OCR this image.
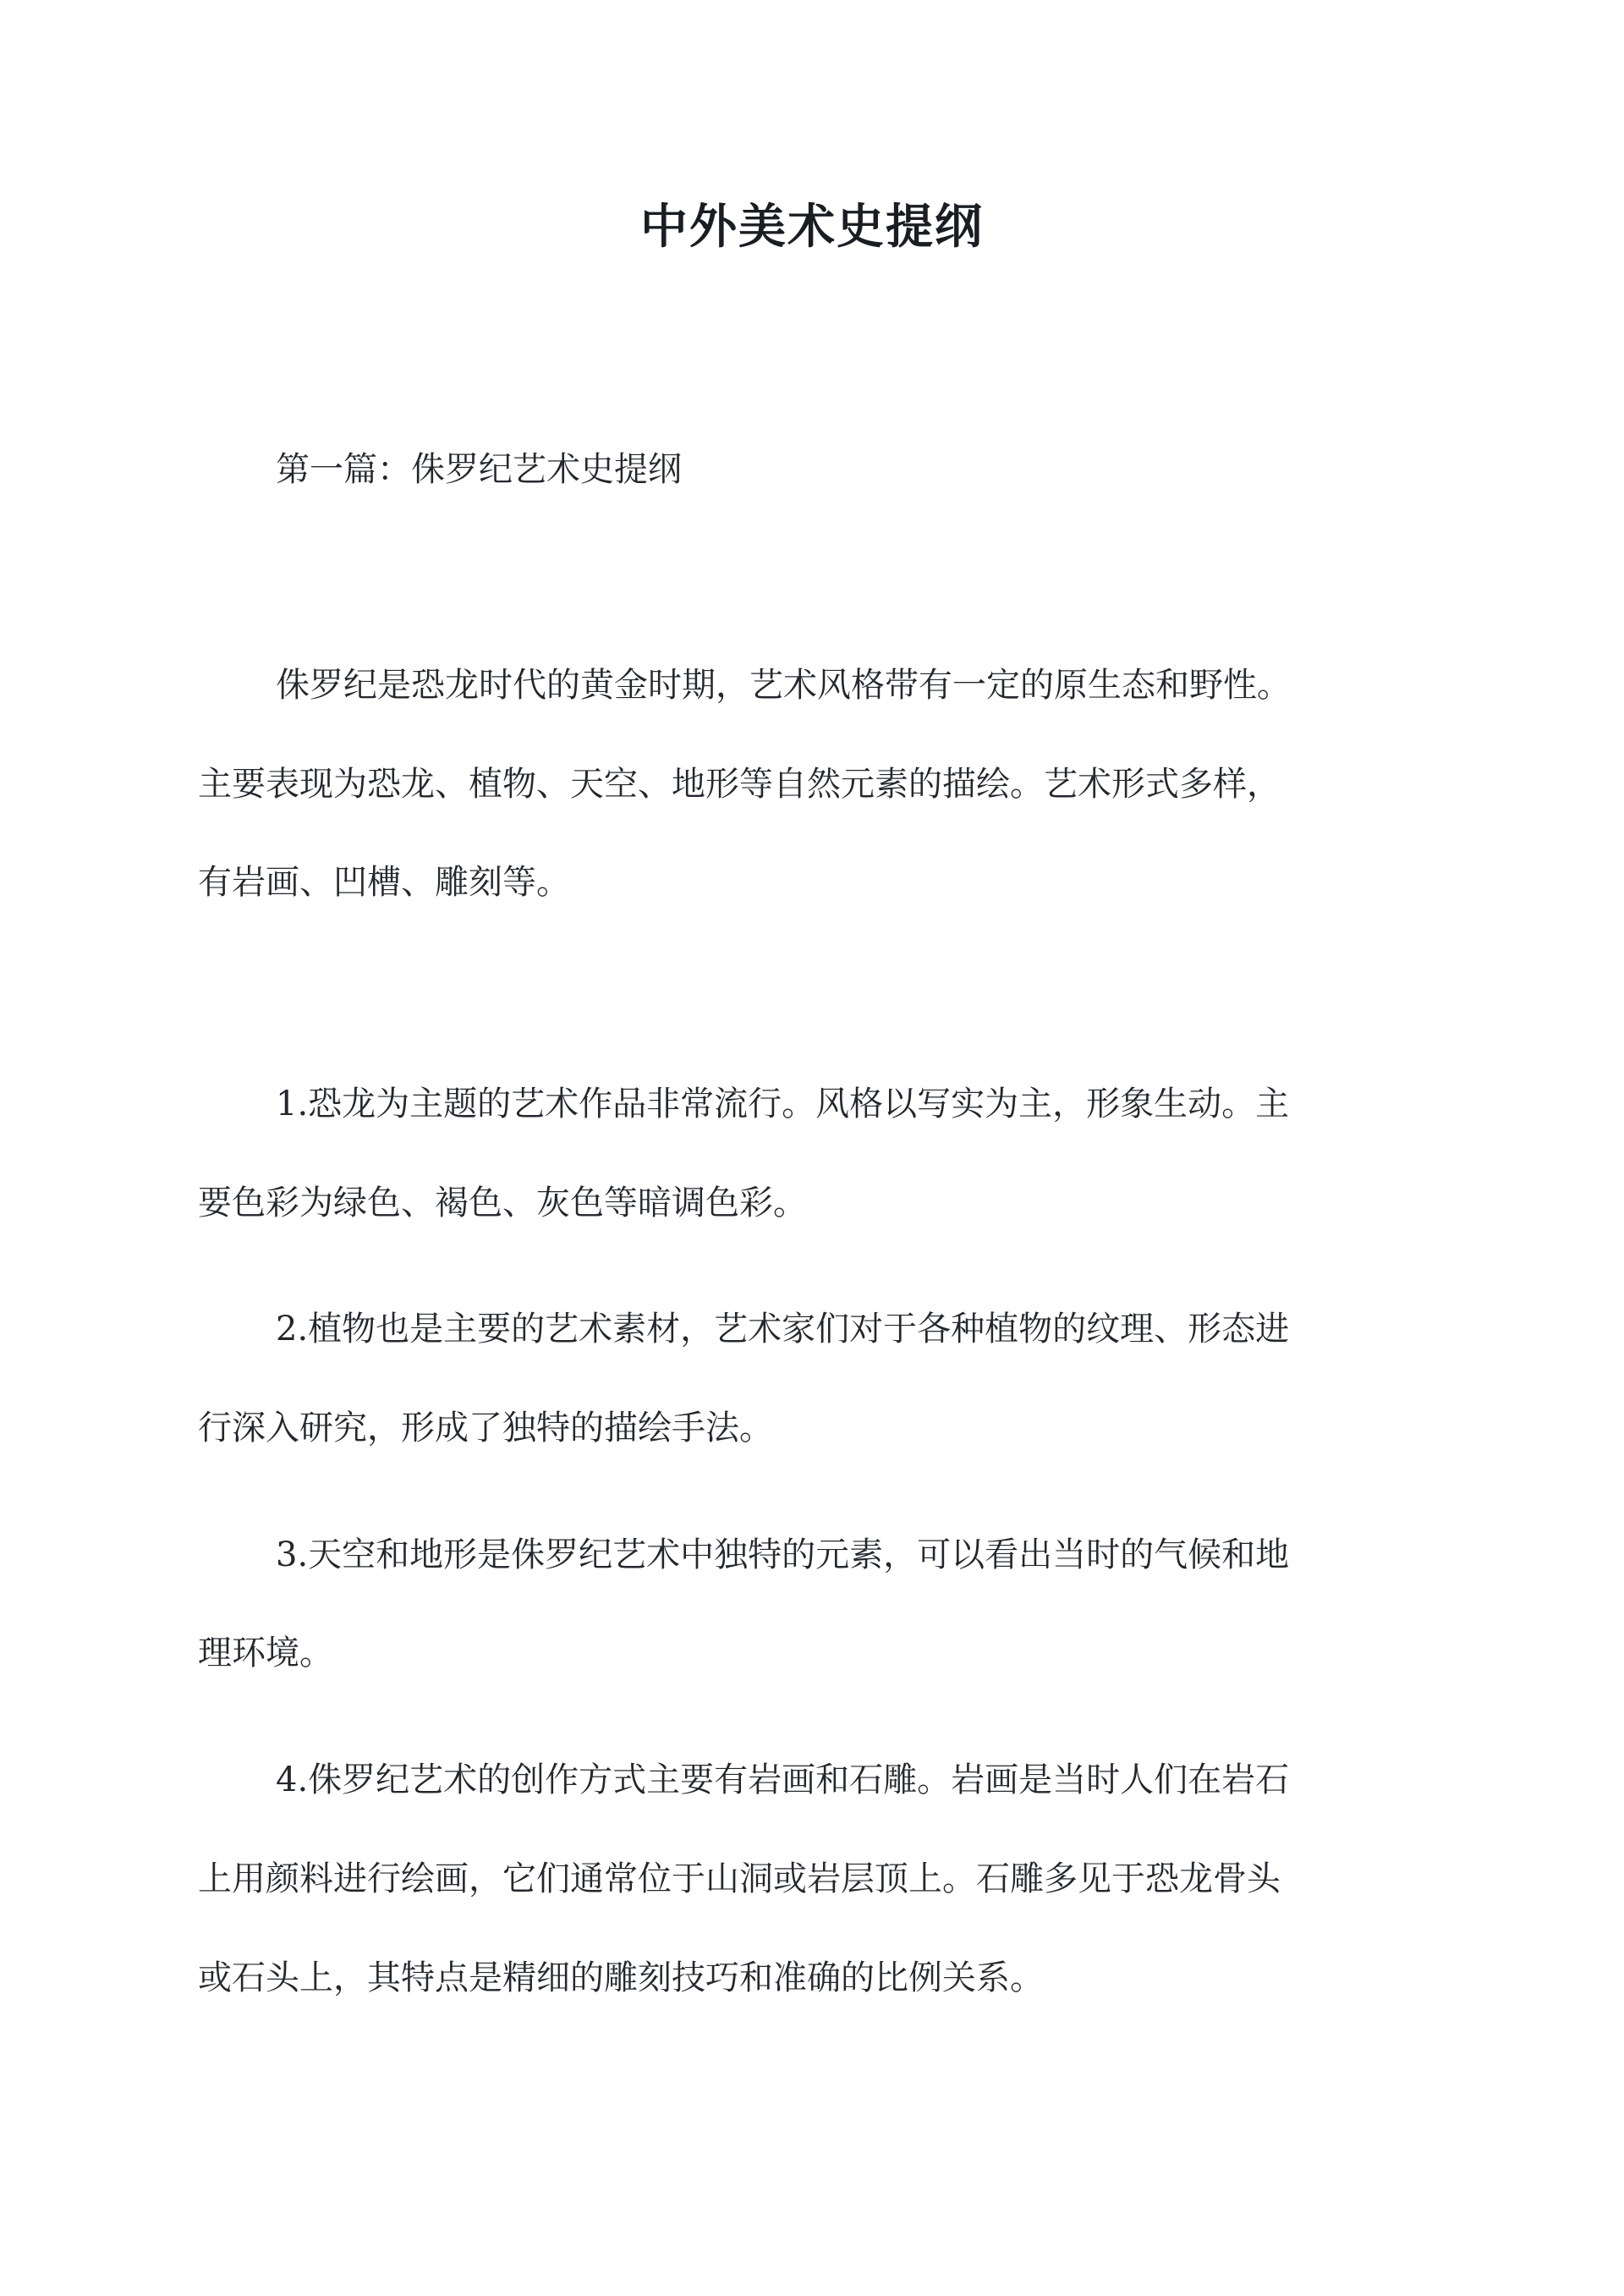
中外美术史提纲
第一篇：侏罗纪艺术史提纲
侏罗纪是恐龙时代的黄金时期，艺术风格带有一定的原生态和野性。
主要表现为恐龙、植物、天空、地形等自然元素的描绘。艺术形式多样，
有岩画、凹槽、雕刻等。
1.恐龙为主题的艺术作品非常流行。风格以写实为主，形象生动。主
要色彩为绿色、褐色、灰色等暗调色彩。
2.植物也是主要的艺术素材，艺术家们对于各种植物的纹理、形态进
行深入研究，形成了独特的描绘手法。
3.天空和地形是侏罗纪艺术中独特的元素，可以看出当时的气候和地
理环境。
4.侏罗纪艺术的创作方式主要有岩画和石雕。岩画是当时人们在岩石
上用颜料进行绘画，它们通常位于山洞或岩层顶上。石雕多见于恐龙骨头
或石头上，其特点是精细的雕刻技巧和准确的比例关系。
